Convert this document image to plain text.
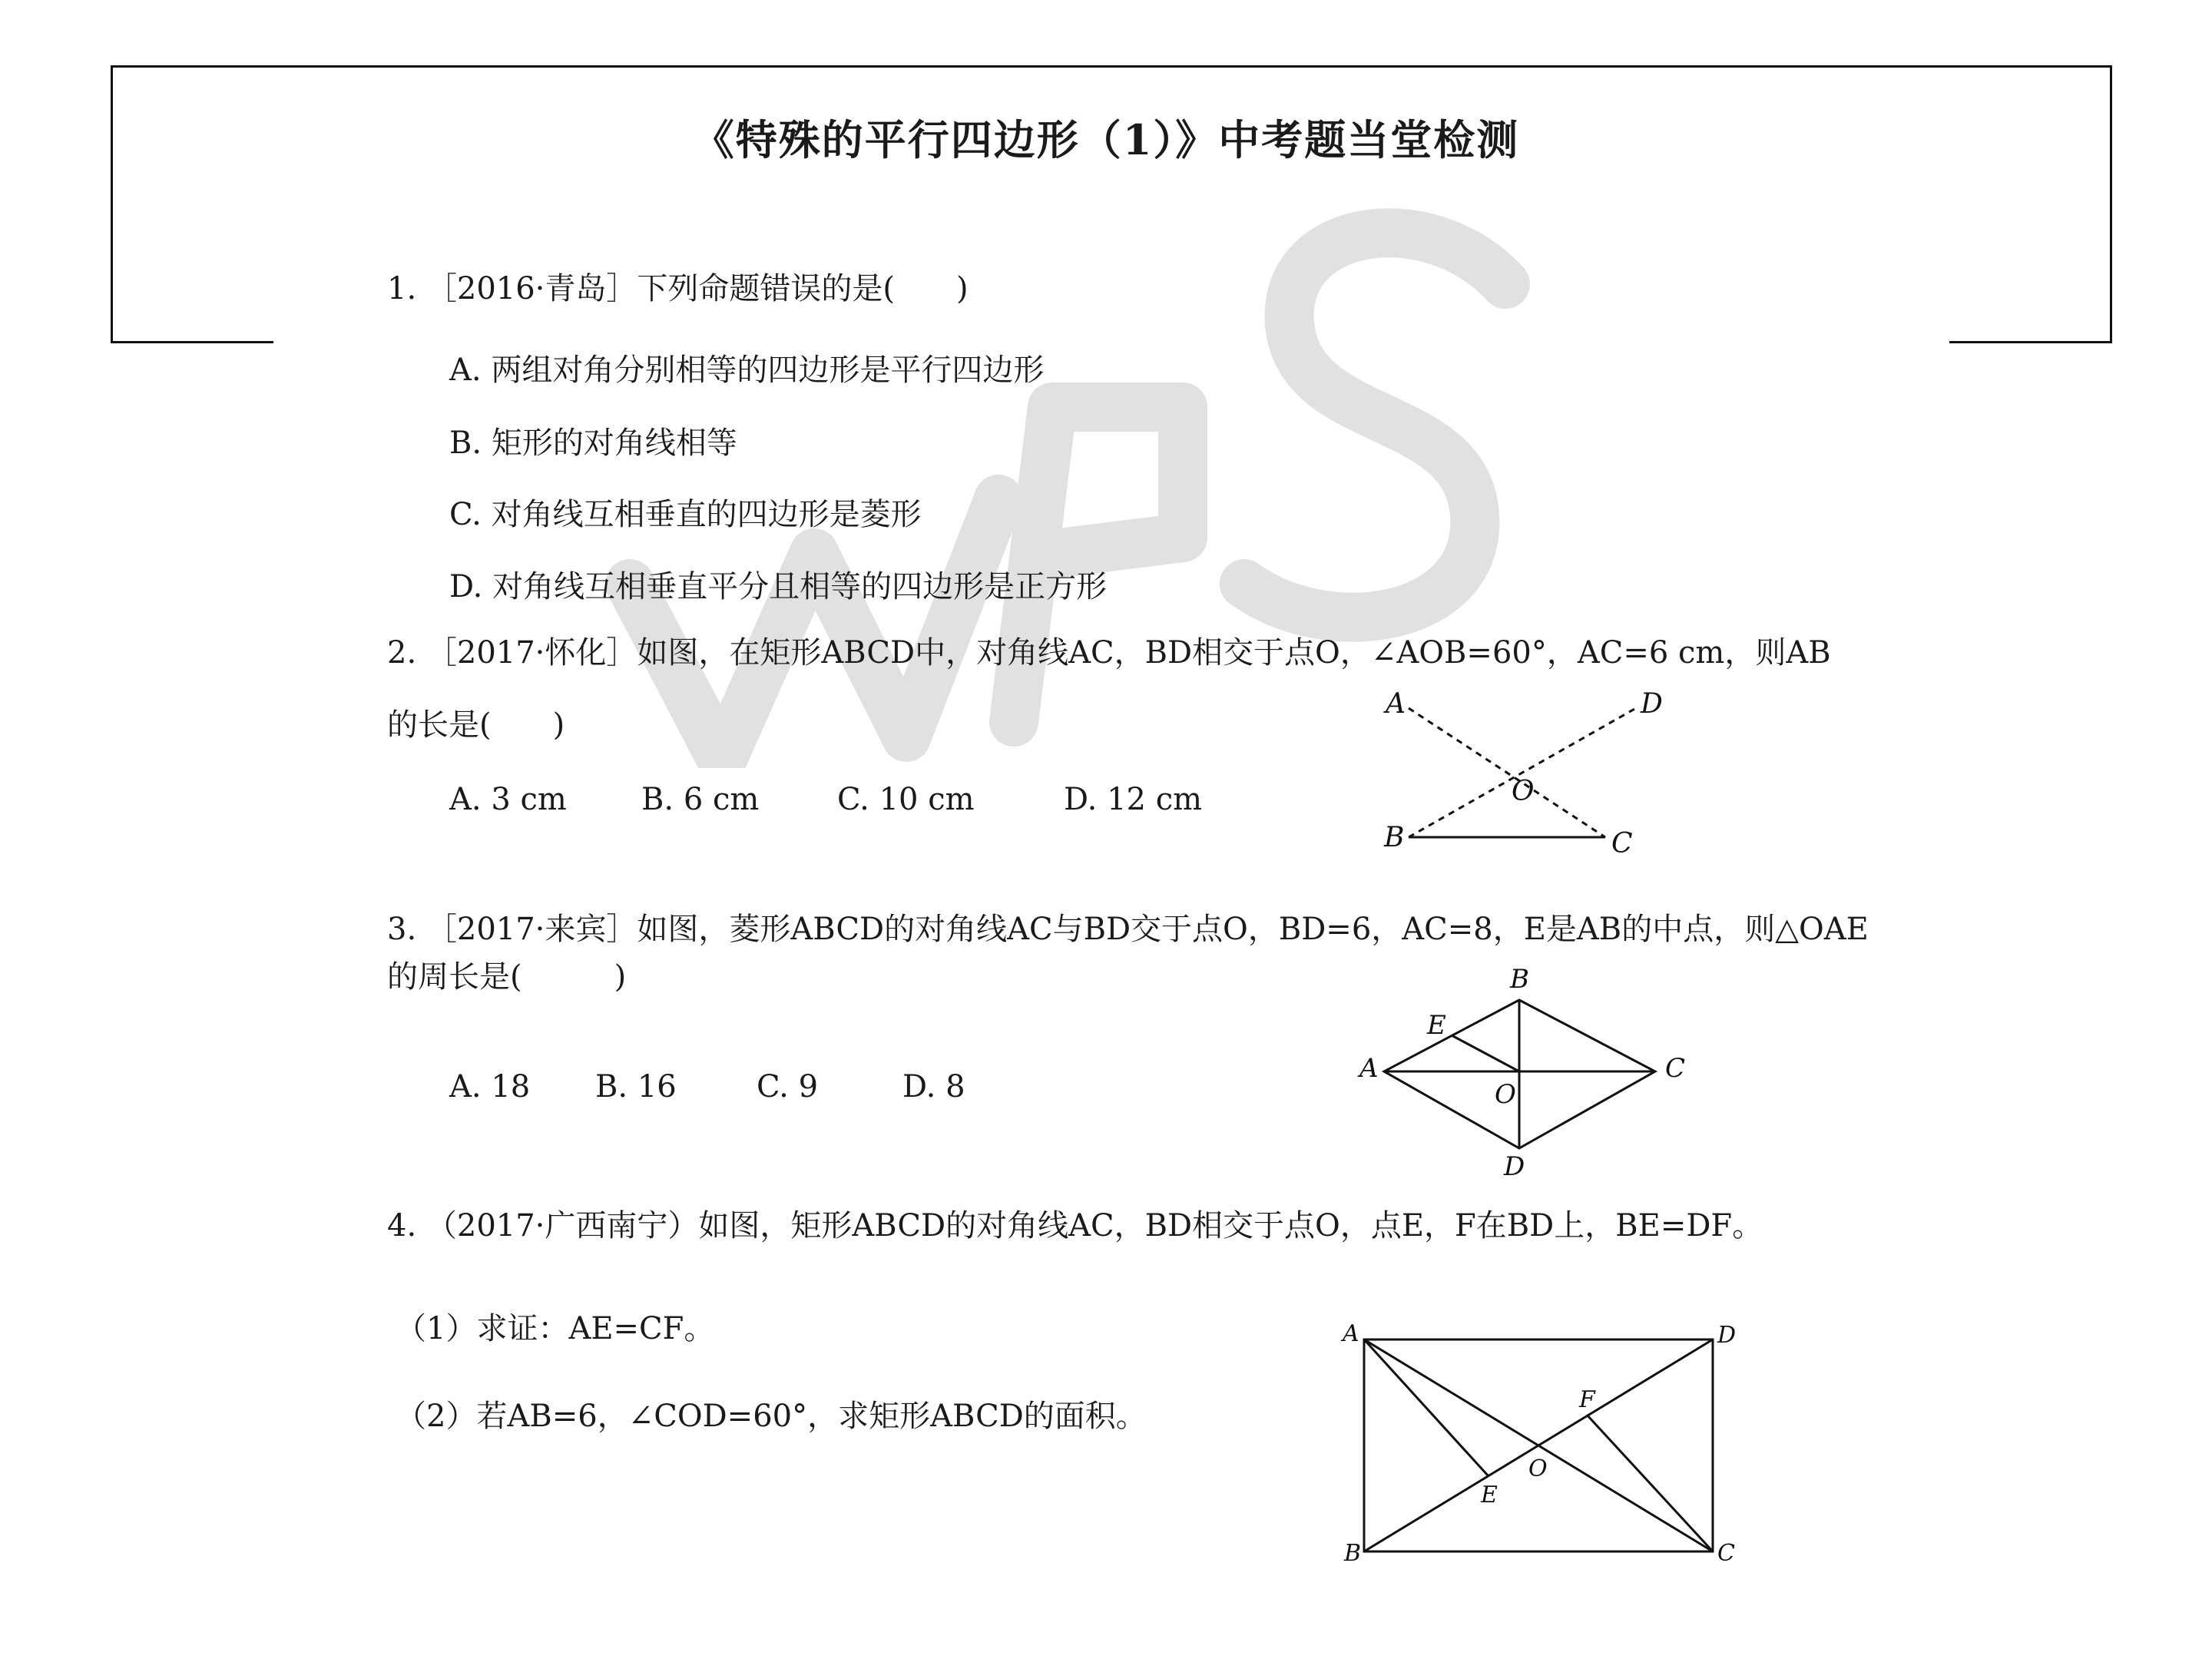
《特殊的平行四边形（1）》中考题当堂检测
1. ［2016·青岛］下列命题错误的是(　　)
A. 两组对角分别相等的四边形是平行四边形
B. 矩形的对角线相等
C. 对角线互相垂直的四边形是菱形
D. 对角线互相垂直平分且相等的四边形是正方形
2. ［2017·怀化］如图，在矩形ABCD中，对角线AC，BD相交于点O，∠AOB=60°，AC=6 cm，则AB
的长是(　　)
A. 3 cm B. 6 cm	C. 10 cm	D. 12 cm
A	D
O
B	C
3. ［2017·来宾］如图，菱形ABCD的对角线AC与BD交于点O，BD=6，AC=8，E是AB的中点，则△OAE
的周长是(　　　)
A. 18 B. 16	C. 9	D. 8
B
E
A	C
O
D
4. （2017·广西南宁）如图，矩形ABCD的对角线AC，BD相交于点O，点E，F在BD上，BE=DF。
（1）求证：AE=CF。
（2）若AB=6，∠COD=60°，求矩形ABCD的面积。
A	D
F
O
E
B	C
